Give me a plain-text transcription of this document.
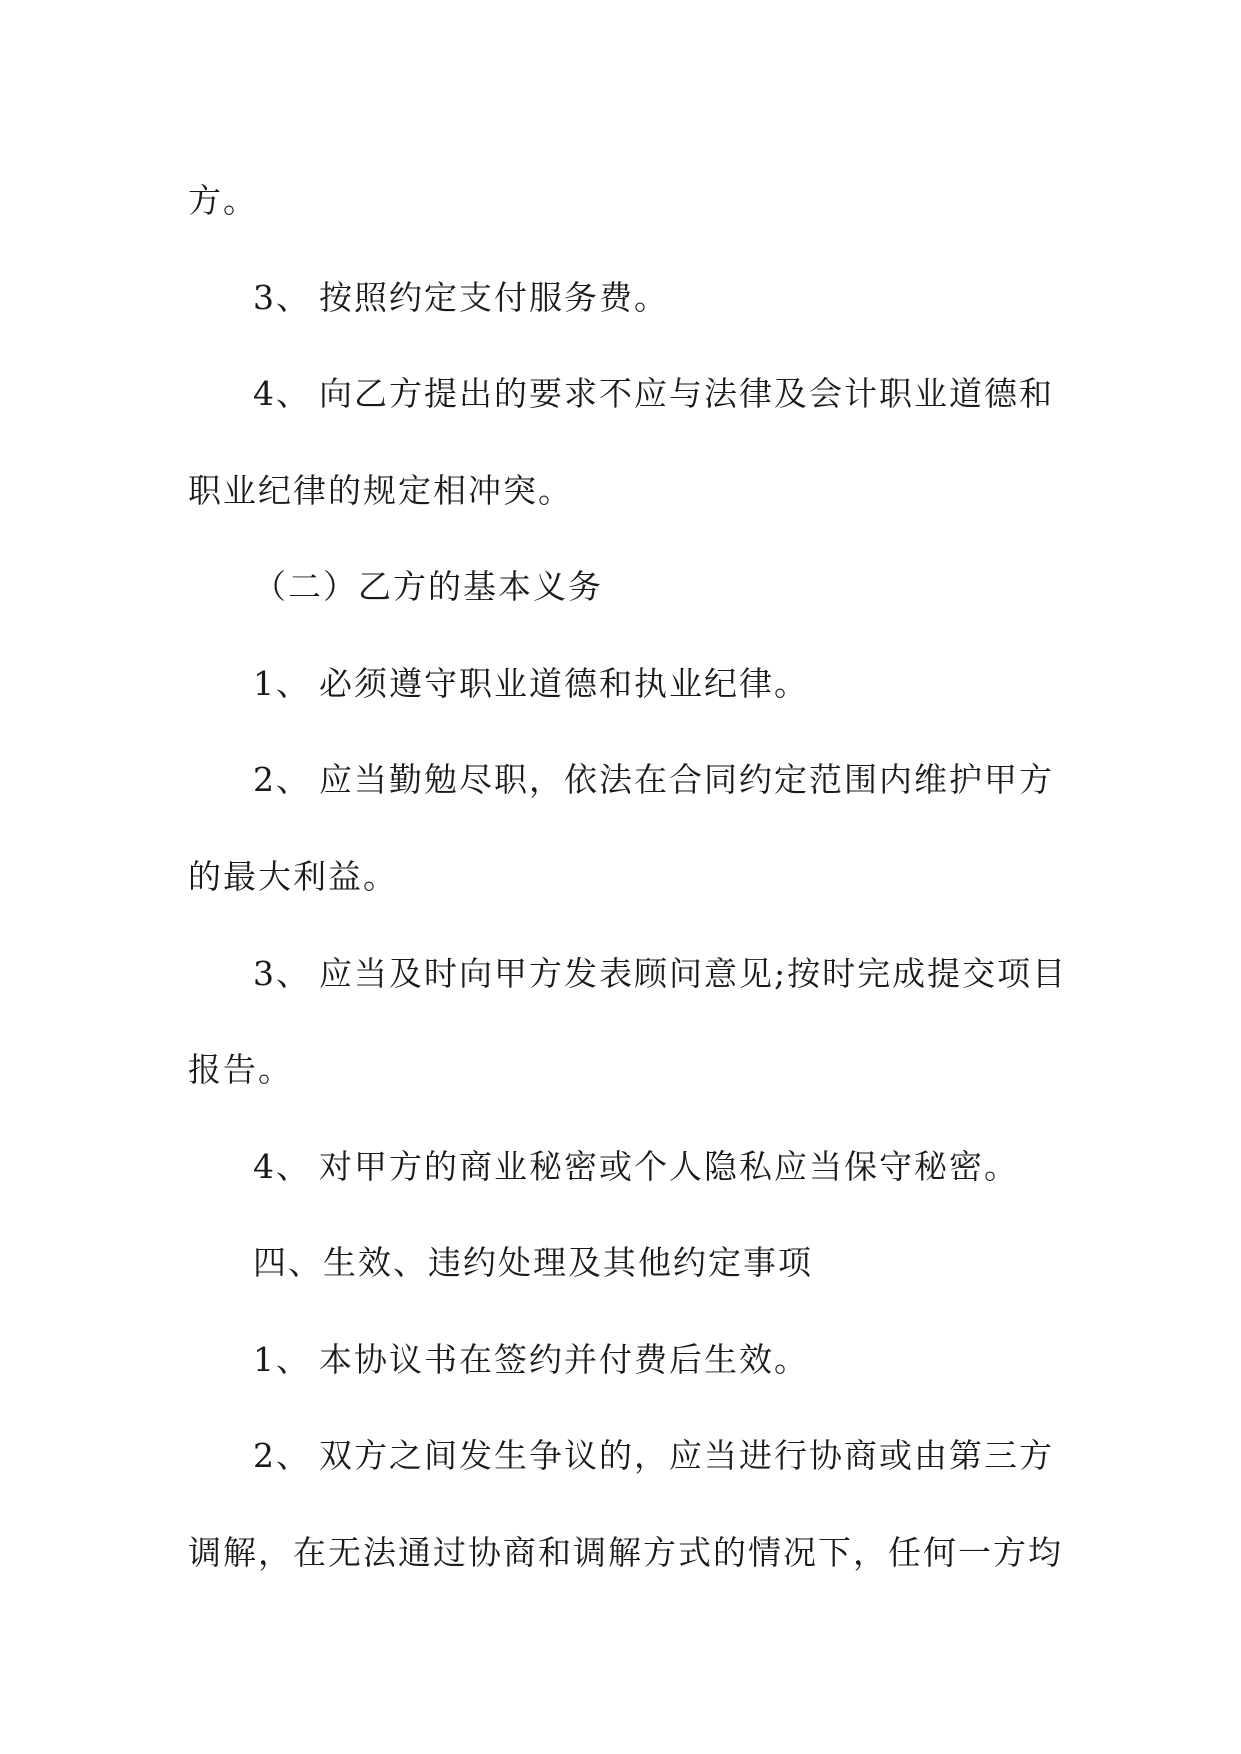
方。
3、 按照约定支付服务费。
4、 向乙方提出的要求不应与法律及会计职业道德和
职业纪律的规定相冲突。
（二）乙方的基本义务
1、 必须遵守职业道德和执业纪律。
2、 应当勤勉尽职，依法在合同约定范围内维护甲方
的最大利益。
3、 应当及时向甲方发表顾问意见;按时完成提交项目
报告。
4、 对甲方的商业秘密或个人隐私应当保守秘密。
四、生效、违约处理及其他约定事项
1、 本协议书在签约并付费后生效。
2、 双方之间发生争议的，应当进行协商或由第三方
调解，在无法通过协商和调解方式的情况下，任何一方均
